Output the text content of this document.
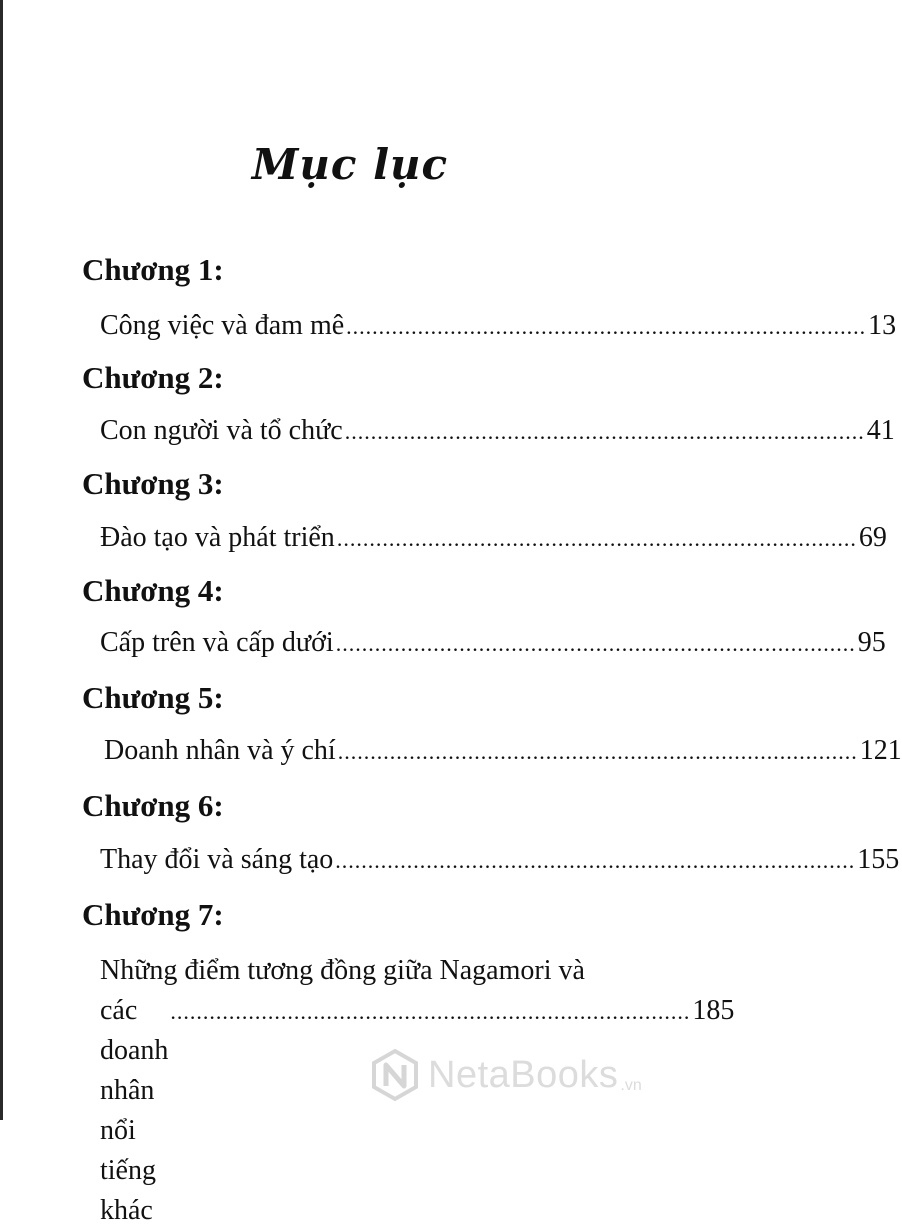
Mục lục
Chương 1:
Công việc và đam mê ................................................................................ 13
Chương 2:
Con người và tổ chức ................................................................................ 41
Chương 3:
Đào tạo và phát triển ................................................................................ 69
Chương 4:
Cấp trên và cấp dưới ................................................................................ 95
Chương 5:
Doanh nhân và ý chí ................................................................................ 121
Chương 6:
Thay đổi và sáng tạo ................................................................................ 155
Chương 7:
Những điểm tương đồng giữa Nagamori và
các doanh nhân nổi tiếng khác
................................................................................ 185
NetaBooks .vn
